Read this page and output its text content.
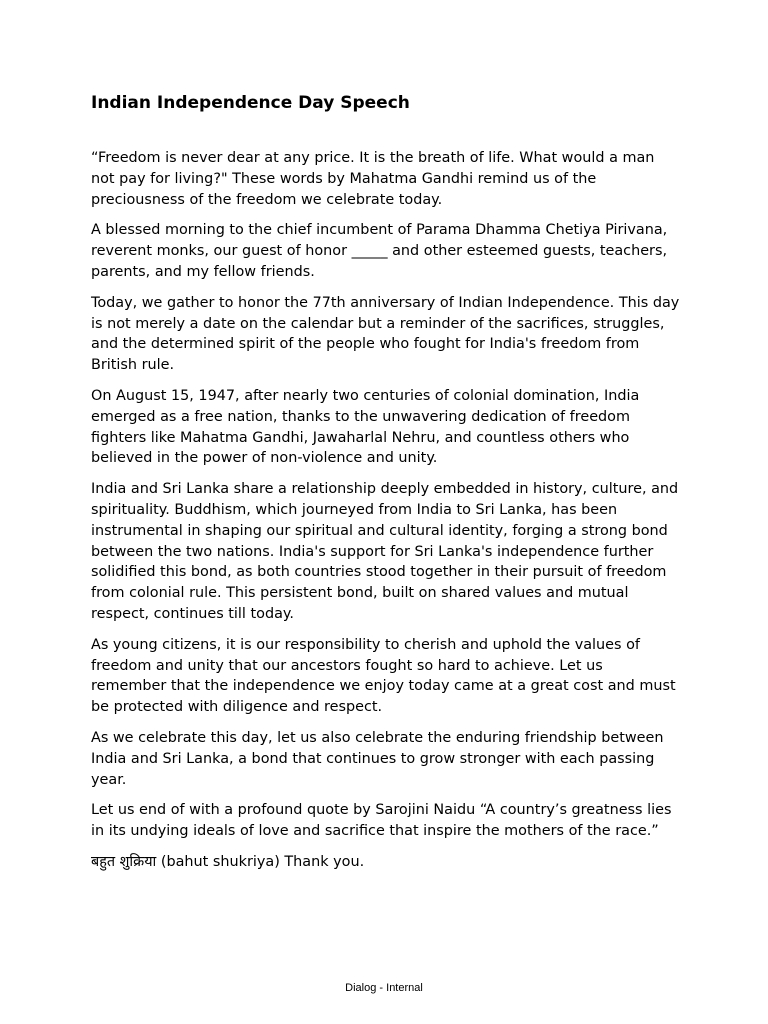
Indian Independence Day Speech

“Freedom is never dear at any price. It is the breath of life. What would a man not pay for living?" These words by Mahatma Gandhi remind us of the preciousness of the freedom we celebrate today.

A blessed morning to the chief incumbent of Parama Dhamma Chetiya Pirivana, reverent monks, our guest of honor _____ and other esteemed guests, teachers, parents, and my fellow friends.

Today, we gather to honor the 77th anniversary of Indian Independence. This day is not merely a date on the calendar but a reminder of the sacrifices, struggles, and the determined spirit of the people who fought for India's freedom from British rule.

On August 15, 1947, after nearly two centuries of colonial domination, India emerged as a free nation, thanks to the unwavering dedication of freedom fighters like Mahatma Gandhi, Jawaharlal Nehru, and countless others who believed in the power of non-violence and unity.

India and Sri Lanka share a relationship deeply embedded in history, culture, and spirituality. Buddhism, which journeyed from India to Sri Lanka, has been instrumental in shaping our spiritual and cultural identity, forging a strong bond between the two nations. India's support for Sri Lanka's independence further solidified this bond, as both countries stood together in their pursuit of freedom from colonial rule. This persistent bond, built on shared values and mutual respect, continues till today.

As young citizens, it is our responsibility to cherish and uphold the values of freedom and unity that our ancestors fought so hard to achieve. Let us remember that the independence we enjoy today came at a great cost and must be protected with diligence and respect.

As we celebrate this day, let us also celebrate the enduring friendship between India and Sri Lanka, a bond that continues to grow stronger with each passing year.

Let us end of with a profound quote by Sarojini Naidu “A country’s greatness lies in its undying ideals of love and sacrifice that inspire the mothers of the race.”

बहुत शुक्रिया (bahut shukriya) Thank you.

Dialog - Internal
